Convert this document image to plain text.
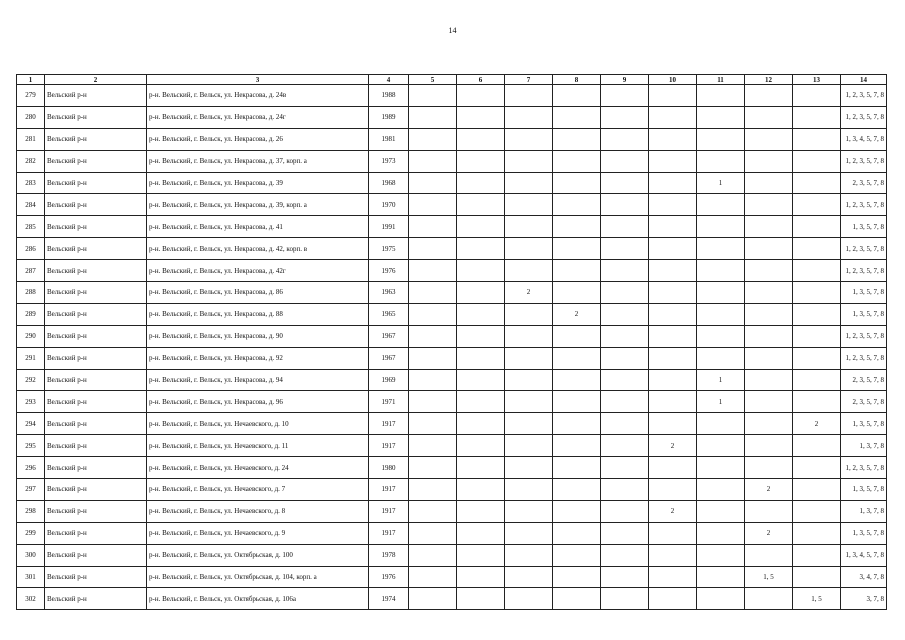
14
1	2	3	4	5	6	7	8	9	10	11	12	13	14
279	Вельский р-н	р-н. Вельский, г. Вельск, ул. Некрасова, д. 24в	1988										1, 2, 3, 5, 7, 8
280	Вельский р-н	р-н. Вельский, г. Вельск, ул. Некрасова, д. 24г	1989										1, 2, 3, 5, 7, 8
281	Вельский р-н	р-н. Вельский, г. Вельск, ул. Некрасова, д. 26	1981										1, 3, 4, 5, 7, 8
282	Вельский р-н	р-н. Вельский, г. Вельск, ул. Некрасова, д. 37, корп. а	1973										1, 2, 3, 5, 7, 8
283	Вельский р-н	р-н. Вельский, г. Вельск, ул. Некрасова, д. 39	1968							1			2, 3, 5, 7, 8
284	Вельский р-н	р-н. Вельский, г. Вельск, ул. Некрасова, д. 39, корп. а	1970										1, 2, 3, 5, 7, 8
285	Вельский р-н	р-н. Вельский, г. Вельск, ул. Некрасова, д. 41	1991										1, 3, 5, 7, 8
286	Вельский р-н	р-н. Вельский, г. Вельск, ул. Некрасова, д. 42, корп. в	1975										1, 2, 3, 5, 7, 8
287	Вельский р-н	р-н. Вельский, г. Вельск, ул. Некрасова, д. 42г	1976										1, 2, 3, 5, 7, 8
288	Вельский р-н	р-н. Вельский, г. Вельск, ул. Некрасова, д. 86	1963			2							1, 3, 5, 7, 8
289	Вельский р-н	р-н. Вельский, г. Вельск, ул. Некрасова, д. 88	1965				2						1, 3, 5, 7, 8
290	Вельский р-н	р-н. Вельский, г. Вельск, ул. Некрасова, д. 90	1967										1, 2, 3, 5, 7, 8
291	Вельский р-н	р-н. Вельский, г. Вельск, ул. Некрасова, д. 92	1967										1, 2, 3, 5, 7, 8
292	Вельский р-н	р-н. Вельский, г. Вельск, ул. Некрасова, д. 94	1969							1			2, 3, 5, 7, 8
293	Вельский р-н	р-н. Вельский, г. Вельск, ул. Некрасова, д. 96	1971							1			2, 3, 5, 7, 8
294	Вельский р-н	р-н. Вельский, г. Вельск, ул. Нечаевского, д. 10	1917									2	1, 3, 5, 7, 8
295	Вельский р-н	р-н. Вельский, г. Вельск, ул. Нечаевского, д. 11	1917						2				1, 3, 7, 8
296	Вельский р-н	р-н. Вельский, г. Вельск, ул. Нечаевского, д. 24	1980										1, 2, 3, 5, 7, 8
297	Вельский р-н	р-н. Вельский, г. Вельск, ул. Нечаевского, д. 7	1917								2		1, 3, 5, 7, 8
298	Вельский р-н	р-н. Вельский, г. Вельск, ул. Нечаевского, д. 8	1917						2				1, 3, 7, 8
299	Вельский р-н	р-н. Вельский, г. Вельск, ул. Нечаевского, д. 9	1917								2		1, 3, 5, 7, 8
300	Вельский р-н	р-н. Вельский, г. Вельск, ул. Октябрьская, д. 100	1978										1, 3, 4, 5, 7, 8
301	Вельский р-н	р-н. Вельский, г. Вельск, ул. Октябрьская, д. 104, корп. а	1976								1, 5		3, 4, 7, 8
302	Вельский р-н	р-н. Вельский, г. Вельск, ул. Октябрьская, д. 106а	1974									1, 5	3, 7, 8
